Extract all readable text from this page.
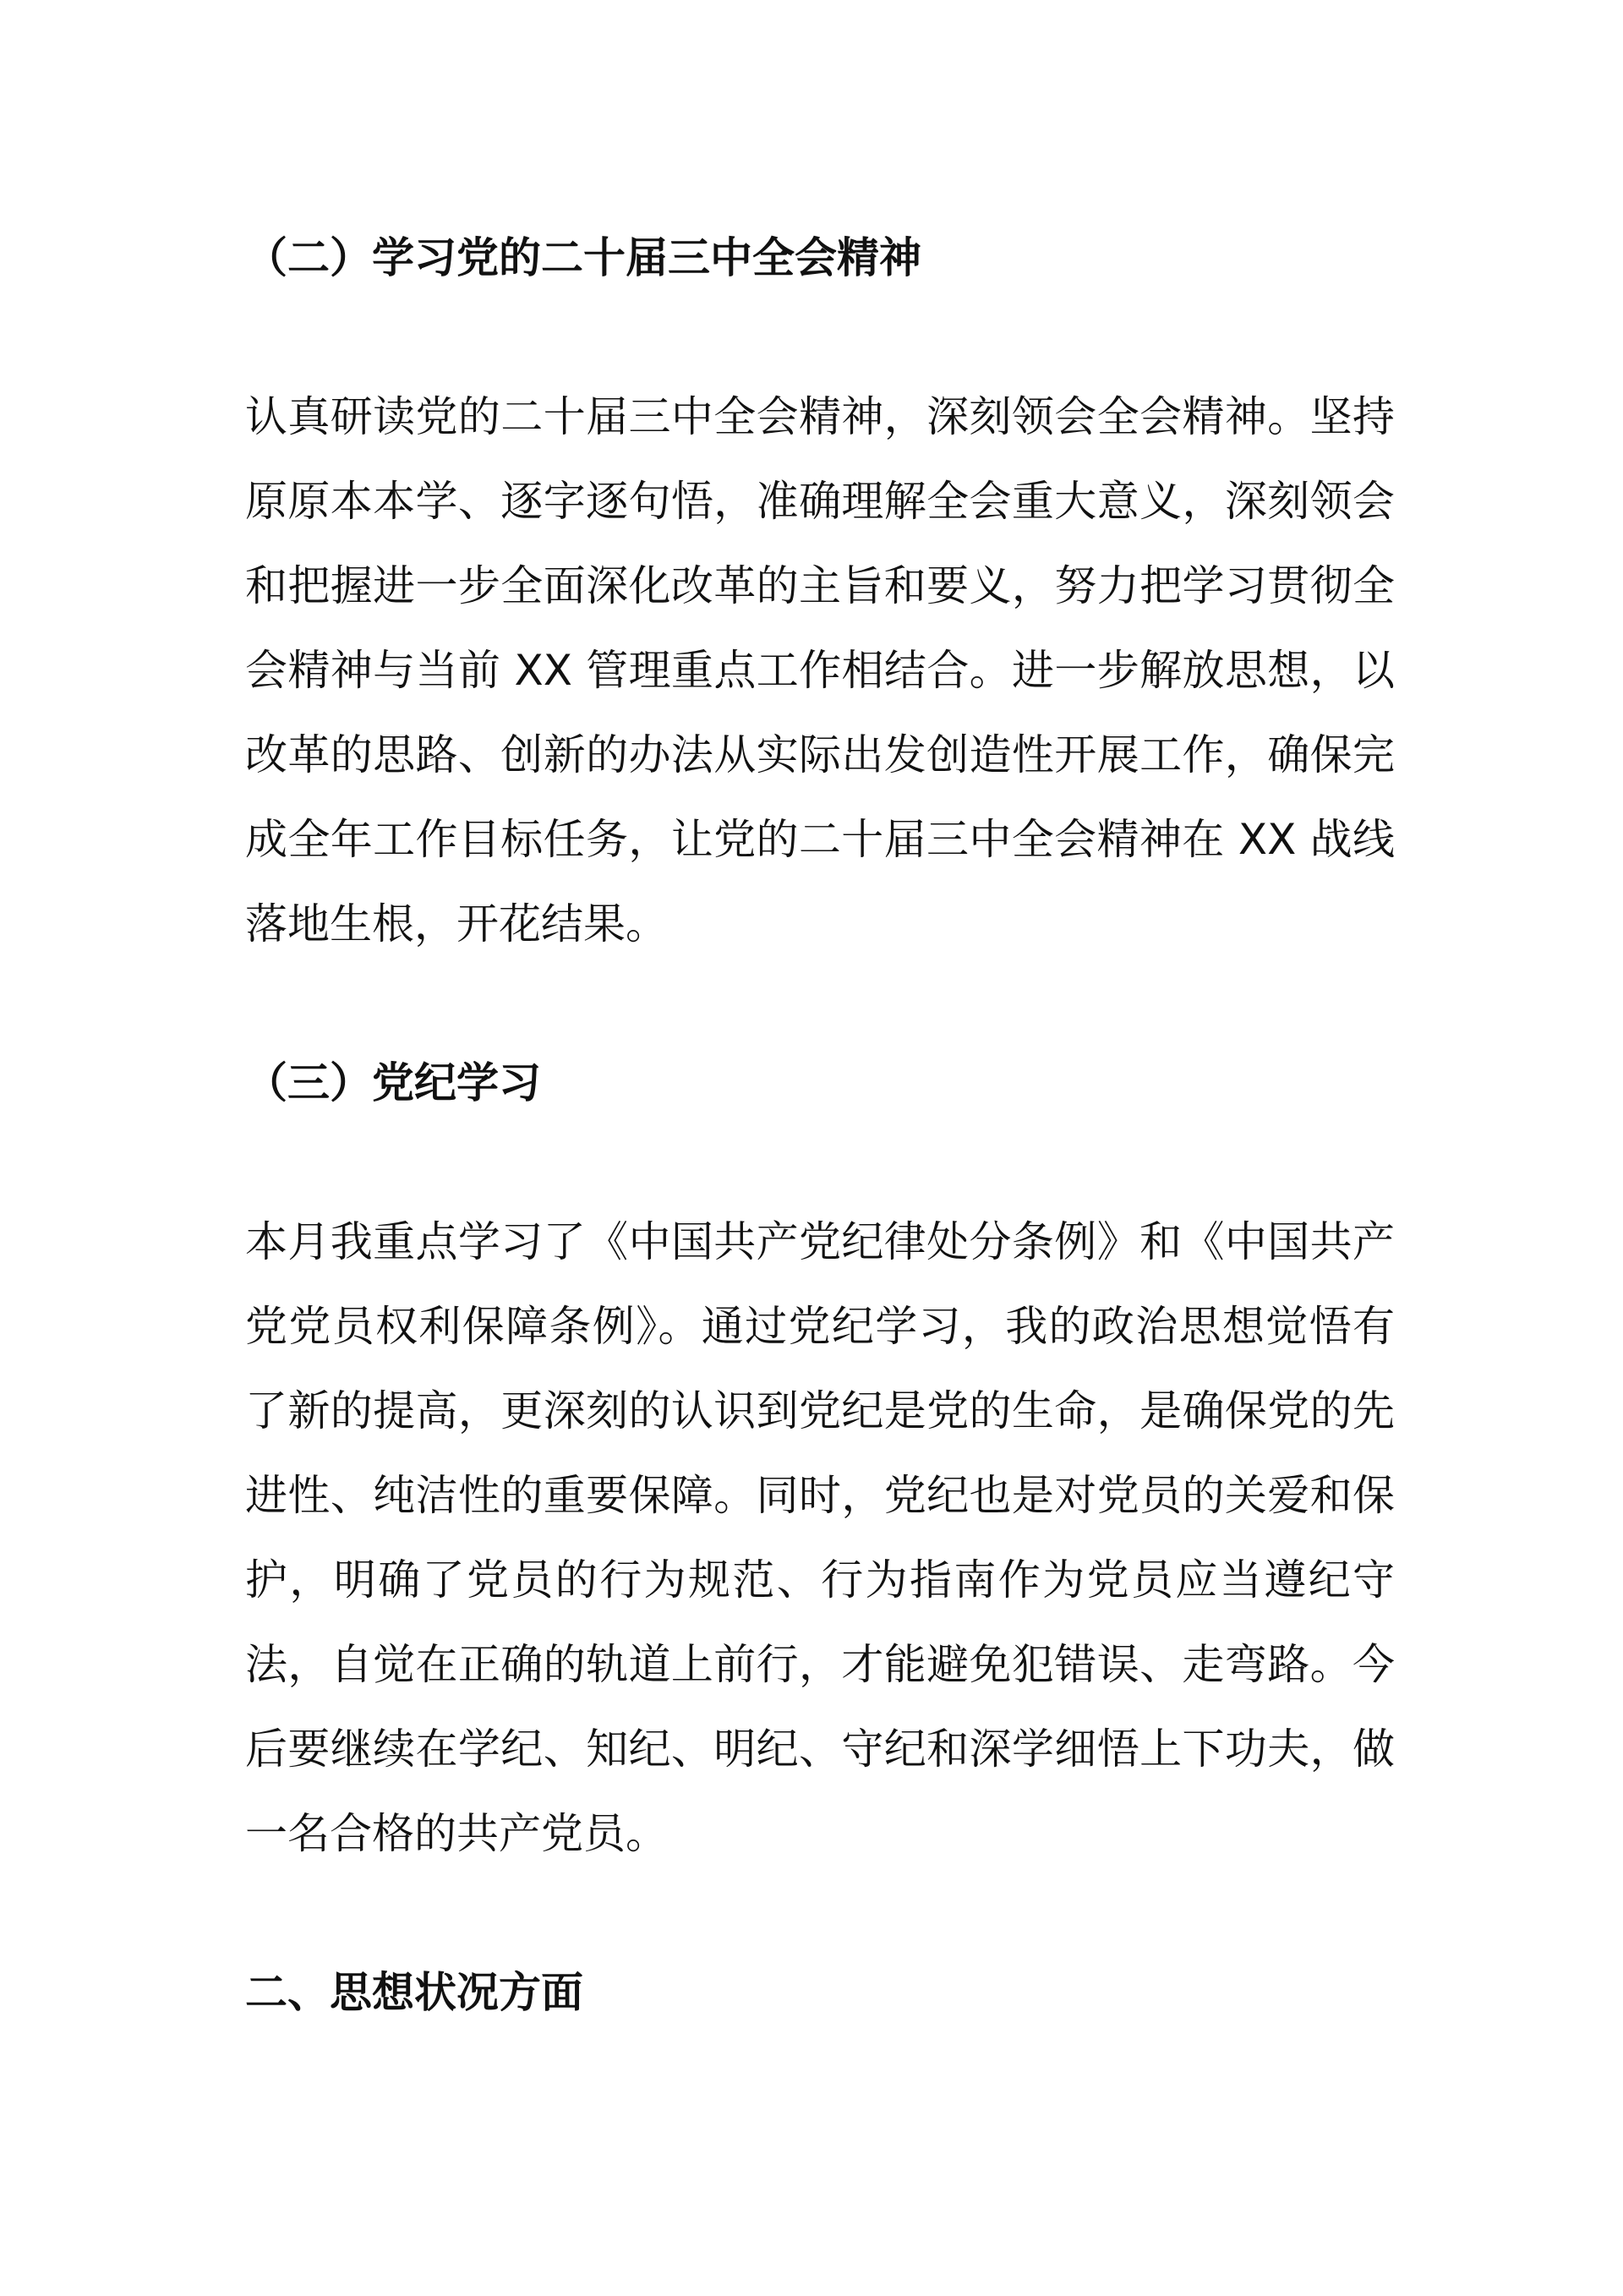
（二）学习党的二十届三中全会精神
认真研读党的二十届三中全会精神，深刻领会全会精神。坚持原原本本学、逐字逐句悟，准确理解全会重大意义，深刻领会和把握进一步全面深化改革的主旨和要义，努力把学习贯彻全会精神与当前 XX 管理重点工作相结合。进一步解放思想，以改革的思路、创新的办法从实际出发创造性开展工作，确保完成全年工作目标任务，让党的二十届三中全会精神在 XX 战线落地生根，开花结果。
（三）党纪学习
本月我重点学习了《中国共产党纪律处分条例》和《中国共产党党员权利保障条例》。通过党纪学习，我的政治思想觉悟有了新的提高，更深刻的认识到党纪是党的生命，是确保党的先进性、纯洁性的重要保障。同时，党纪也是对党员的关爱和保护，明确了党员的行为规范、行为指南作为党员应当遵纪守法，自觉在正确的轨道上前行，才能避免犯错误、走弯路。今后要继续在学纪、知纪、明纪、守纪和深学细悟上下功夫，做一名合格的共产党员。
二、思想状况方面
